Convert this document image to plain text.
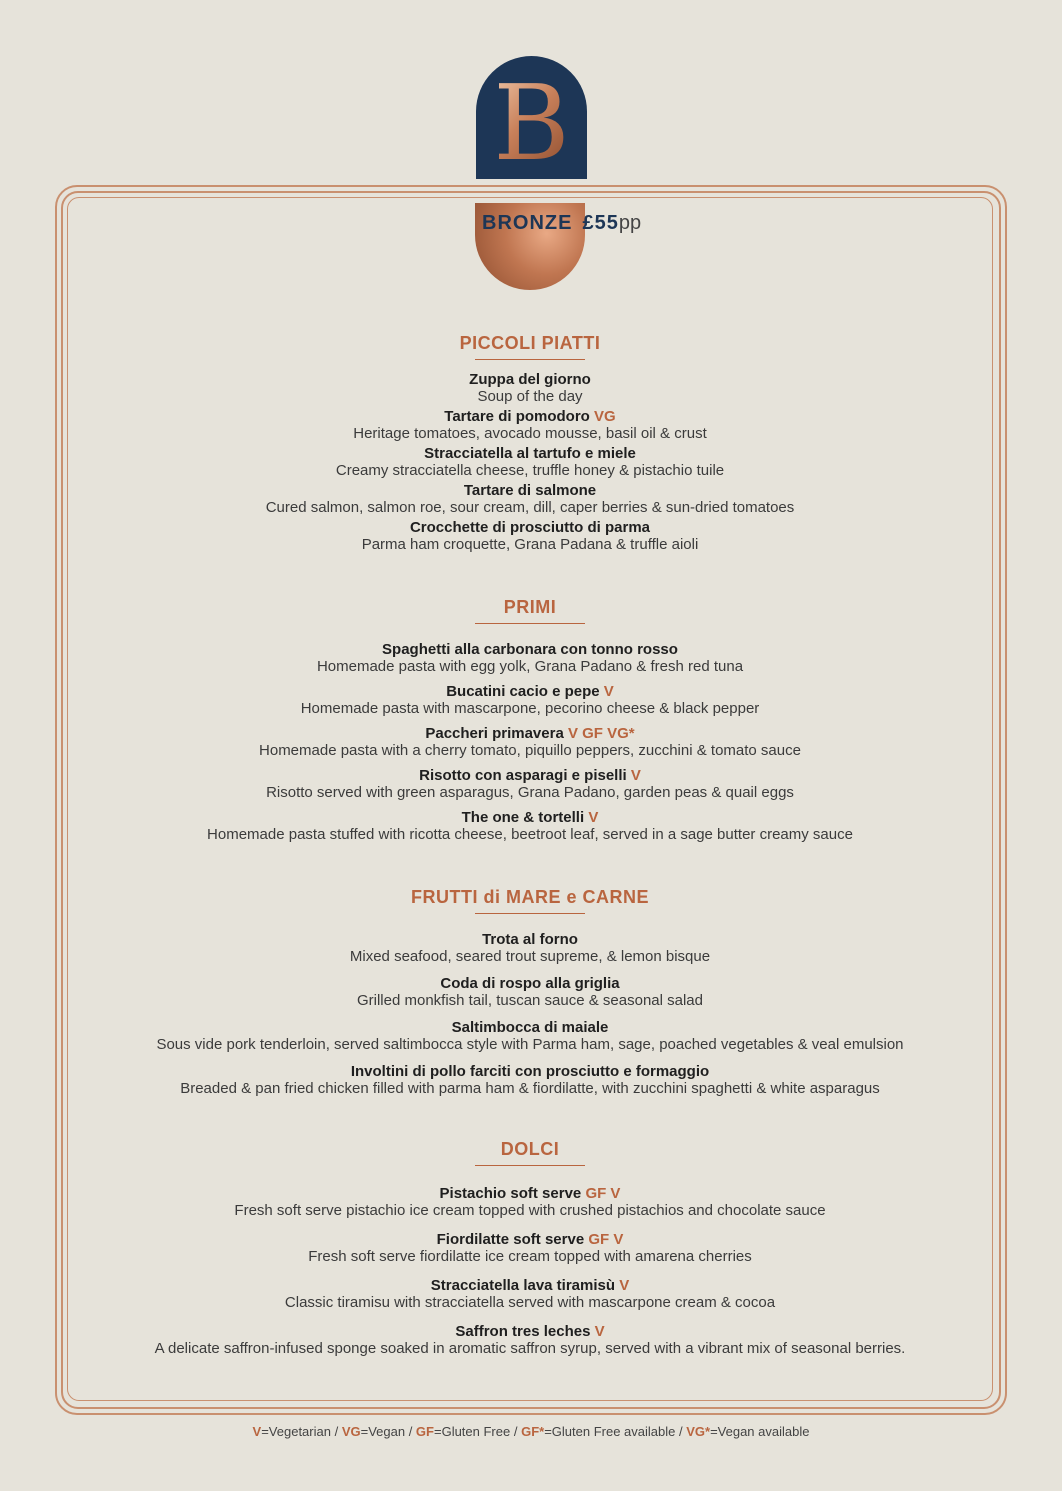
B
BRONZE £55pp
PICCOLI PIATTI
Zuppa del giorno
Soup of the day
Tartare di pomodoro VG
Heritage tomatoes, avocado mousse, basil oil & crust
Stracciatella al tartufo e miele
Creamy stracciatella cheese, truffle honey & pistachio tuile
Tartare di salmone
Cured salmon, salmon roe, sour cream, dill, caper berries & sun-dried tomatoes
Crocchette di prosciutto di parma
Parma ham croquette, Grana Padana & truffle aioli
PRIMI
Spaghetti alla carbonara con tonno rosso
Homemade pasta with egg yolk, Grana Padano & fresh red tuna
Bucatini cacio e pepe V
Homemade pasta with mascarpone, pecorino cheese & black pepper
Paccheri primavera V GF VG*
Homemade pasta with a cherry tomato, piquillo peppers, zucchini & tomato sauce
Risotto con asparagi e piselli V
Risotto served with green asparagus, Grana Padano, garden peas & quail eggs
The one & tortelli V
Homemade pasta stuffed with ricotta cheese, beetroot leaf, served in a sage butter creamy sauce
FRUTTI di MARE e CARNE
Trota al forno
Mixed seafood, seared trout supreme, & lemon bisque
Coda di rospo alla griglia
Grilled monkfish tail, tuscan sauce & seasonal salad
Saltimbocca di maiale
Sous vide pork tenderloin, served saltimbocca style with Parma ham, sage, poached vegetables & veal emulsion
Involtini di pollo farciti con prosciutto e formaggio
Breaded & pan fried chicken filled with parma ham & fiordilatte, with zucchini spaghetti & white asparagus
DOLCI
Pistachio soft serve GF V
Fresh soft serve pistachio ice cream topped with crushed pistachios and chocolate sauce
Fiordilatte soft serve GF V
Fresh soft serve fiordilatte ice cream topped with amarena cherries
Stracciatella lava tiramisù V
Classic tiramisu with stracciatella served with mascarpone cream & cocoa
Saffron tres leches V
A delicate saffron-infused sponge soaked in aromatic saffron syrup, served with a vibrant mix of seasonal berries.
V=Vegetarian / VG=Vegan / GF=Gluten Free / GF*=Gluten Free available / VG*=Vegan available
